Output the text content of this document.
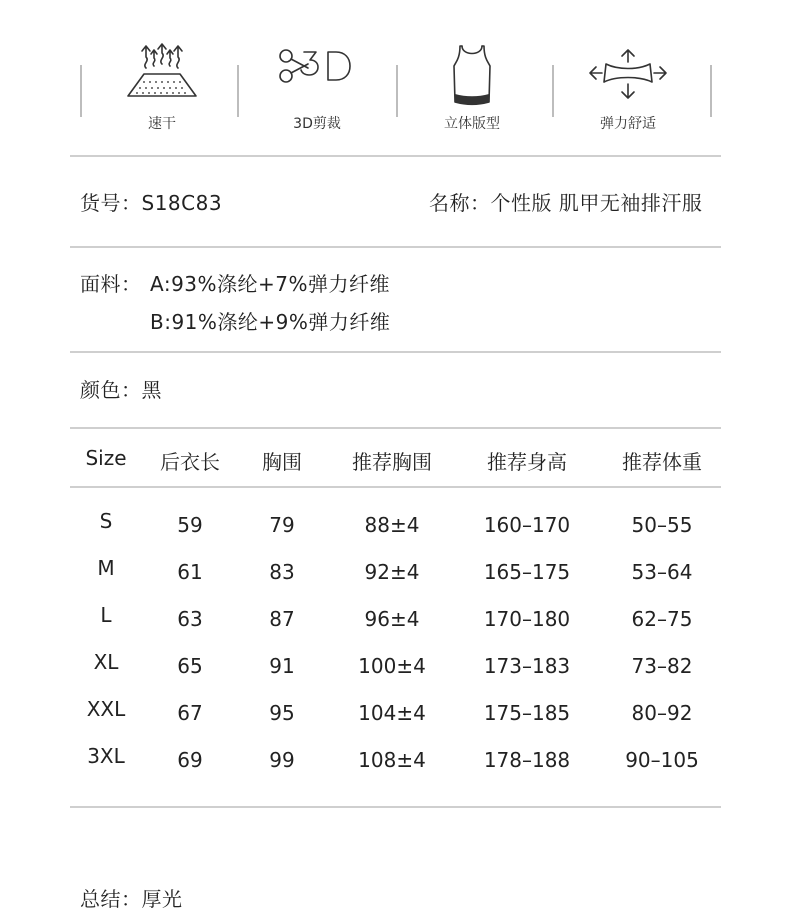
速干	3D剪裁	立体版型	弹力舒适
货号：S18C83	名称：个性版 肌甲无袖排汗服
面料： A:93%涤纶+7%弹力纤维
B:91%涤纶+9%弹力纤维
颜色：黑
Size	后衣长	胸围	推荐胸围	推荐身高	推荐体重
S	59	79	88±4	160–170	50–55
M	61	83	92±4	165–175	53–64
L	63	87	96±4	170–180	62–75
XL	65	91	100±4	173–183	73–82
XXL	67	95	104±4	175–185	80–92
3XL	69	99	108±4	178–188	90–105
总结：厚光
